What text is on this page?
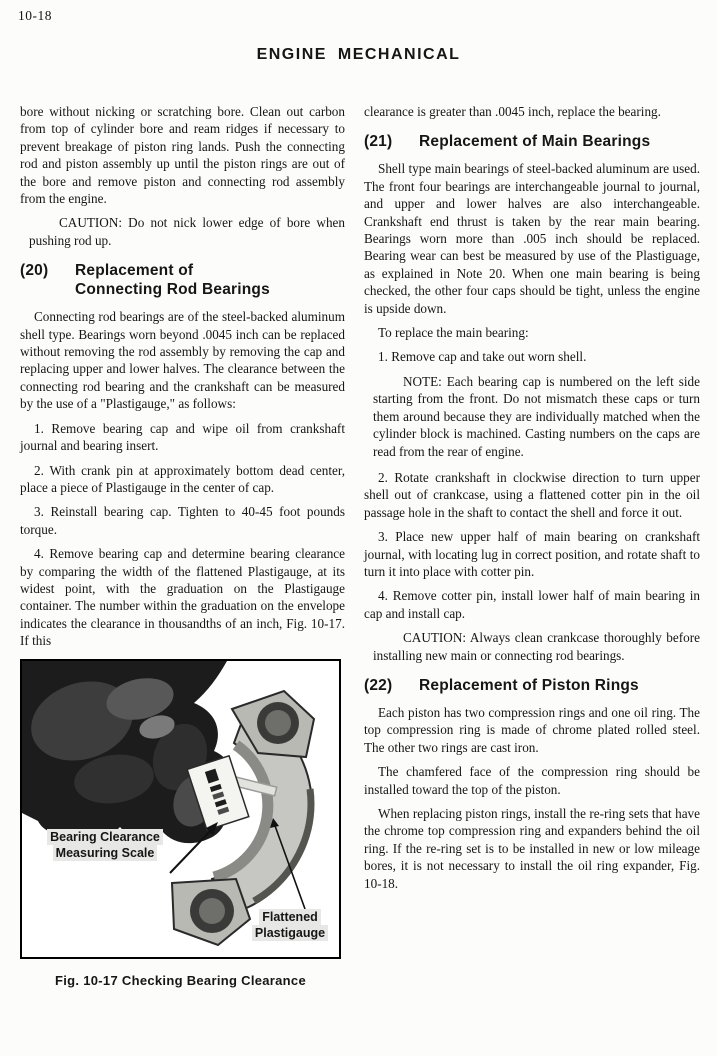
10-18
ENGINE MECHANICAL

bore without nicking or scratching bore. Clean out carbon from top of cylinder bore and ream ridges if necessary to prevent breakage of piston ring lands. Push the connecting rod and piston assembly up until the piston rings are out of the bore and remove piston and connecting rod assembly from the engine.

CAUTION: Do not nick lower edge of bore when pushing rod up.

(20)	Replacement of
Connecting Rod Bearings

Connecting rod bearings are of the steel-backed aluminum shell type. Bearings worn beyond .0045 inch can be replaced without removing the rod assembly by removing the cap and replacing upper and lower halves. The clearance between the connecting rod bearing and the crankshaft can be measured by the use of a "Plastigauge," as follows:

1. Remove bearing cap and wipe oil from crankshaft journal and bearing insert.

2. With crank pin at approximately bottom dead center, place a piece of Plastigauge in the center of cap.

3. Reinstall bearing cap. Tighten to 40-45 foot pounds torque.

4. Remove bearing cap and determine bearing clearance by comparing the width of the flattened Plastigauge, at its widest point, with the graduation on the Plastigauge container. The number within the graduation on the envelope indicates the clearance in thousandths of an inch, Fig. 10-17. If this

Bearing Clearance
Measuring Scale
Flattened
Plastigauge
Fig. 10-17 Checking Bearing Clearance

clearance is greater than .0045 inch, replace the bearing.

(21)	Replacement of Main Bearings

Shell type main bearings of steel-backed aluminum are used. The front four bearings are interchangeable journal to journal, and upper and lower halves are also interchangeable. Crankshaft end thrust is taken by the rear main bearing. Bearings worn more than .005 inch should be replaced. Bearing wear can best be measured by use of the Plastiguage, as explained in Note 20. When one main bearing is being checked, the other four caps should be tight, unless the engine is upside down.

To replace the main bearing:

1. Remove cap and take out worn shell.

NOTE: Each bearing cap is numbered on the left side starting from the front. Do not mismatch these caps or turn them around because they are individually matched when the cylinder block is machined. Casting numbers on the caps are read from the rear of engine.

2. Rotate crankshaft in clockwise direction to turn upper shell out of crankcase, using a flattened cotter pin in the oil passage hole in the shaft to contact the shell and force it out.

3. Place new upper half of main bearing on crankshaft journal, with locating lug in correct position, and rotate shaft to turn it into place with cotter pin.

4. Remove cotter pin, install lower half of main bearing in cap and install cap.

CAUTION: Always clean crankcase thoroughly before installing new main or connecting rod bearings.

(22)	Replacement of Piston Rings

Each piston has two compression rings and one oil ring. The top compression ring is made of chrome plated rolled steel. The other two rings are cast iron.

The chamfered face of the compression ring should be installed toward the top of the piston.

When replacing piston rings, install the re-ring sets that have the chrome top compression ring and expanders behind the oil ring. If the re-ring set is to be installed in new or low mileage bores, it is not necessary to install the oil ring expander, Fig. 10-18.
